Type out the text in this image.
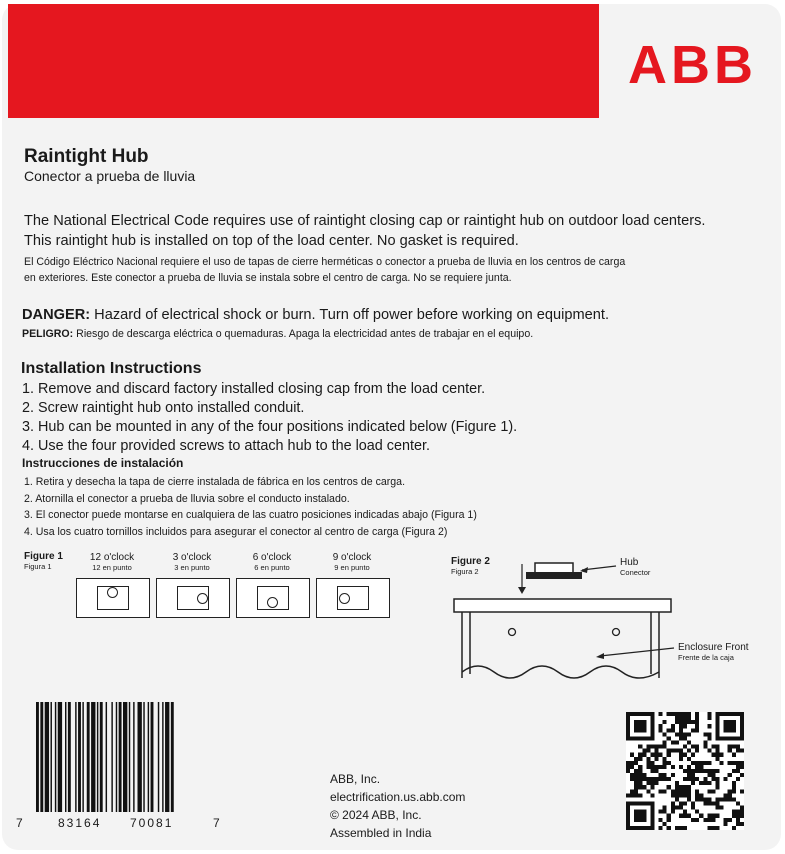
ABB
Raintight Hub
Conector a prueba de lluvia
The National Electrical Code requires use of raintight closing cap or raintight hub on outdoor load centers.
This raintight hub is installed on top of the load center. No gasket is required.
El Código Eléctrico Nacional requiere el uso de tapas de cierre herméticas o conector a prueba de lluvia en los centros de carga
en exteriores. Este conector a prueba de lluvia se instala sobre el centro de carga. No se requiere junta.
DANGER: Hazard of electrical shock or burn. Turn off power before working on equipment.
PELIGRO: Riesgo de descarga eléctrica o quemaduras. Apaga la electricidad antes de trabajar en el equipo.
Installation Instructions
1. Remove and discard factory installed closing cap from the load center.
2. Screw raintight hub onto installed conduit.
3. Hub can be mounted in any of the four positions indicated below (Figure 1).
4. Use the four provided screws to attach hub to the load center.
Instrucciones de instalación
1. Retira y desecha la tapa de cierre instalada de fábrica en los centros de carga.
2. Atornilla el conector a prueba de lluvia sobre el conducto instalado.
3. El conector puede montarse en cualquiera de las cuatro posiciones indicadas abajo (Figura 1)
4. Usa los cuatro tornillos incluidos para asegurar el conector al centro de carga (Figura 2)
Figure 1
Figura 1
12 o'clock
12 en punto
3 o'clock
3 en punto
6 o'clock
6 en punto
9 o'clock
9 en punto
Figure 2
Figura 2
Hub
Conector
Enclosure Front
Frente de la caja
ABB, Inc.
electrification.us.abb.com
© 2024 ABB, Inc.
Assembled in India
7	83164 70081	7
